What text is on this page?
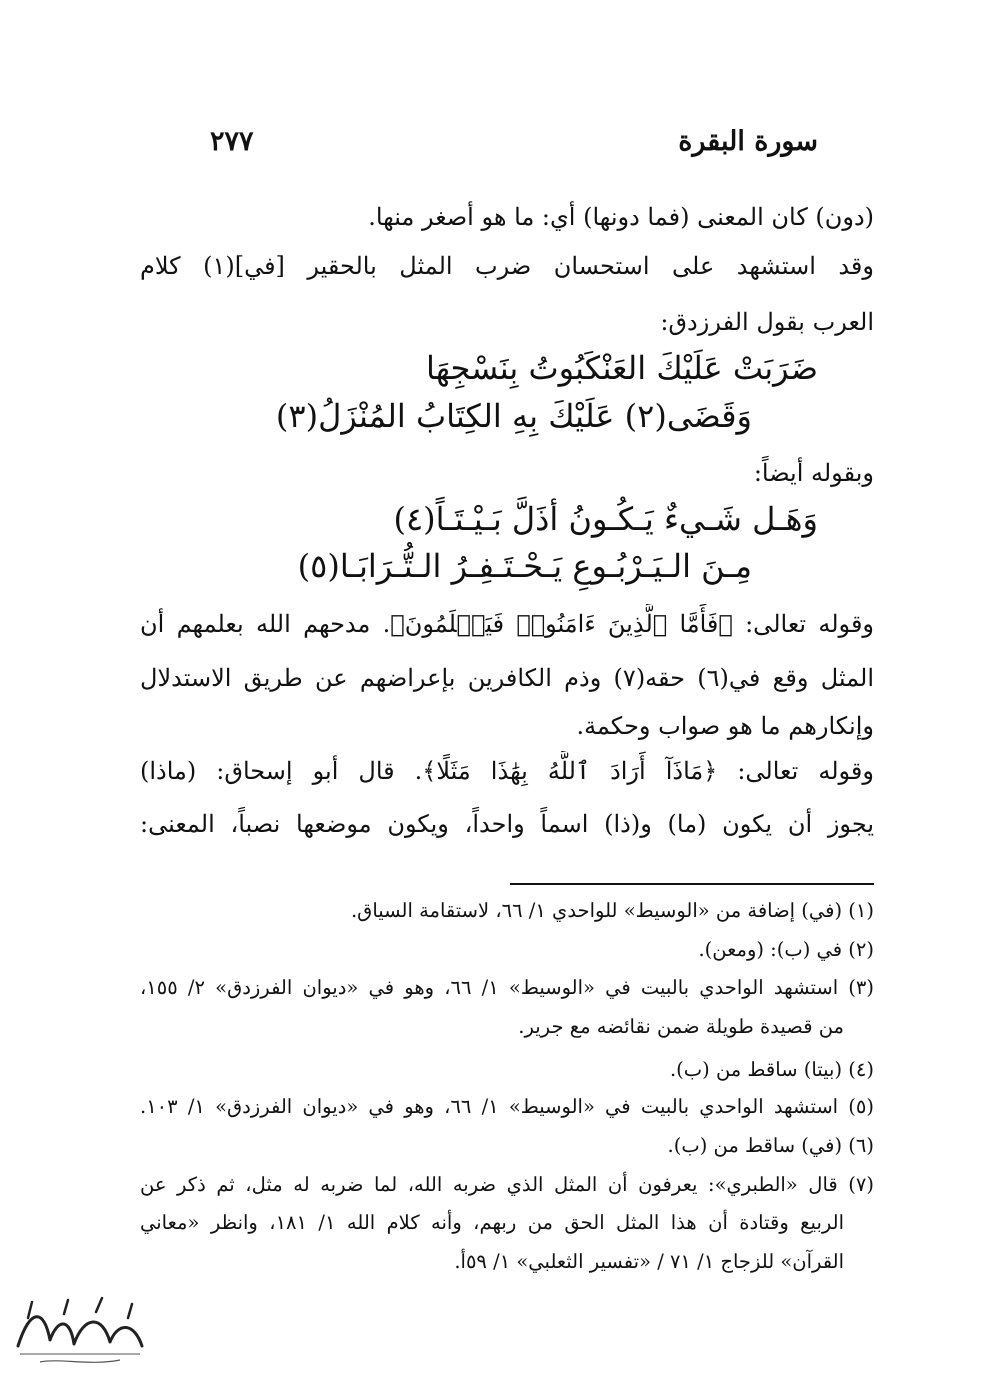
سورة البقرة
٢٧٧
(دون) كان المعنى (فما دونها) أي: ما هو أصغر منها.
وقد استشهد على استحسان ضرب المثل بالحقير [في](١) كلام
العرب بقول الفرزدق:
ضَرَبَتْ عَلَيْكَ العَنْكَبُوتُ بِنَسْجِهَا
وَقَضَى(٢) عَلَيْكَ بِهِ الكِتَابُ المُنْزَلُ(٣)
وبقوله أيضاً:
وَهَـل شَـيءٌ يَـكُـونُ أذَلَّ بَـيْـتَـاً(٤)
مِـنَ الـيَـرْبُـوعِ يَـحْـتَـفِـرُ الـتُّـرَابَـا(٥)
وقوله تعالى: ﴿فَأَمَّا ٱلَّذِينَ ءَامَنُوا۟ فَيَعۡلَمُونَ﴾. مدحهم الله بعلمهم أن
المثل وقع في(٦) حقه(٧) وذم الكافرين بإعراضهم عن طريق الاستدلال
وإنكارهم ما هو صواب وحكمة.
وقوله تعالى: ﴿مَاذَآ أَرَادَ ٱللَّهُ بِهَٰذَا مَثَلًا﴾. قال أبو إسحاق: (ماذا)
يجوز أن يكون (ما) و(ذا) اسماً واحداً، ويكون موضعها نصباً، المعنى:
(١) (في) إضافة من «الوسيط» للواحدي ١/ ٦٦، لاستقامة السياق.
(٢) في (ب): (ومعن).
(٣) استشهد الواحدي بالبيت في «الوسيط» ١/ ٦٦، وهو في «ديوان الفرزدق» ٢/ ١٥٥،
من قصيدة طويلة ضمن نقائضه مع جرير.
(٤) (بيتا) ساقط من (ب).
(٥) استشهد الواحدي بالبيت في «الوسيط» ١/ ٦٦، وهو في «ديوان الفرزدق» ١/ ١٠٣.
(٦) (في) ساقط من (ب).
(٧) قال «الطبري»: يعرفون أن المثل الذي ضربه الله، لما ضربه له مثل، ثم ذكر عن
الربيع وقتادة أن هذا المثل الحق من ربهم، وأنه كلام الله ١/ ١٨١، وانظر «معاني
القرآن» للزجاج ١/ ٧١ / «تفسير الثعلبي» ١/ ٥٩أ.
